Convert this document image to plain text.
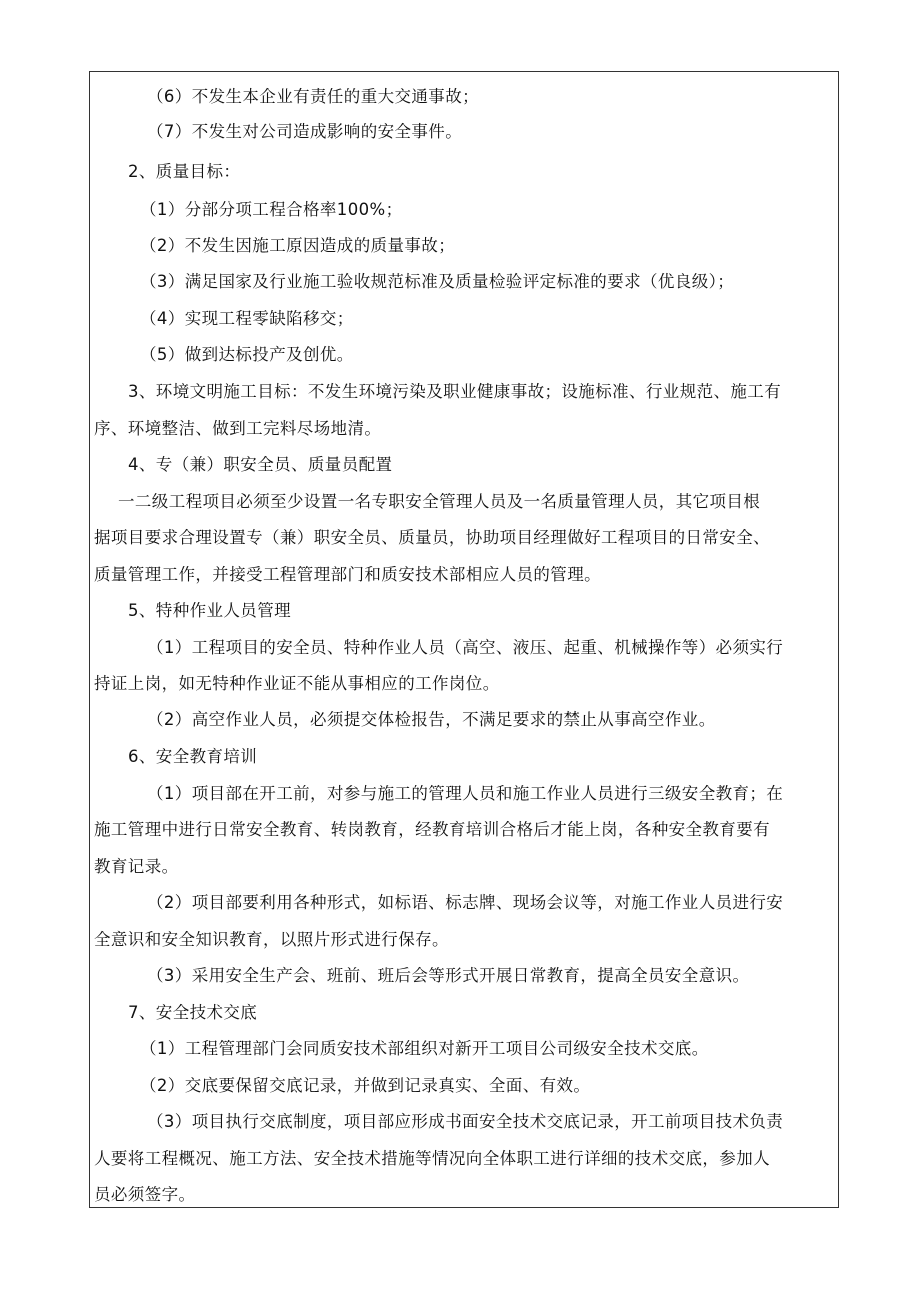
（6）不发生本企业有责任的重大交通事故；
（7）不发生对公司造成影响的安全事件。
2、质量目标：
（1）分部分项工程合格率100%；
（2）不发生因施工原因造成的质量事故；
（3）满足国家及行业施工验收规范标准及质量检验评定标准的要求（优良级）；
（4）实现工程零缺陷移交；
（5）做到达标投产及创优。
3、环境文明施工目标：不发生环境污染及职业健康事故；设施标准、行业规范、施工有
序、环境整洁、做到工完料尽场地清。
4、专（兼）职安全员、质量员配置
一二级工程项目必须至少设置一名专职安全管理人员及一名质量管理人员，其它项目根
据项目要求合理设置专（兼）职安全员、质量员，协助项目经理做好工程项目的日常安全、
质量管理工作，并接受工程管理部门和质安技术部相应人员的管理。
5、特种作业人员管理
（1）工程项目的安全员、特种作业人员（高空、液压、起重、机械操作等）必须实行
持证上岗，如无特种作业证不能从事相应的工作岗位。
（2）高空作业人员，必须提交体检报告，不满足要求的禁止从事高空作业。
6、安全教育培训
（1）项目部在开工前，对参与施工的管理人员和施工作业人员进行三级安全教育；在
施工管理中进行日常安全教育、转岗教育，经教育培训合格后才能上岗，各种安全教育要有
教育记录。
（2）项目部要利用各种形式，如标语、标志牌、现场会议等，对施工作业人员进行安
全意识和安全知识教育，以照片形式进行保存。
（3）采用安全生产会、班前、班后会等形式开展日常教育，提高全员安全意识。
7、安全技术交底
（1）工程管理部门会同质安技术部组织对新开工项目公司级安全技术交底。
（2）交底要保留交底记录，并做到记录真实、全面、有效。
（3）项目执行交底制度，项目部应形成书面安全技术交底记录，开工前项目技术负责
人要将工程概况、施工方法、安全技术措施等情况向全体职工进行详细的技术交底，参加人
员必须签字。
